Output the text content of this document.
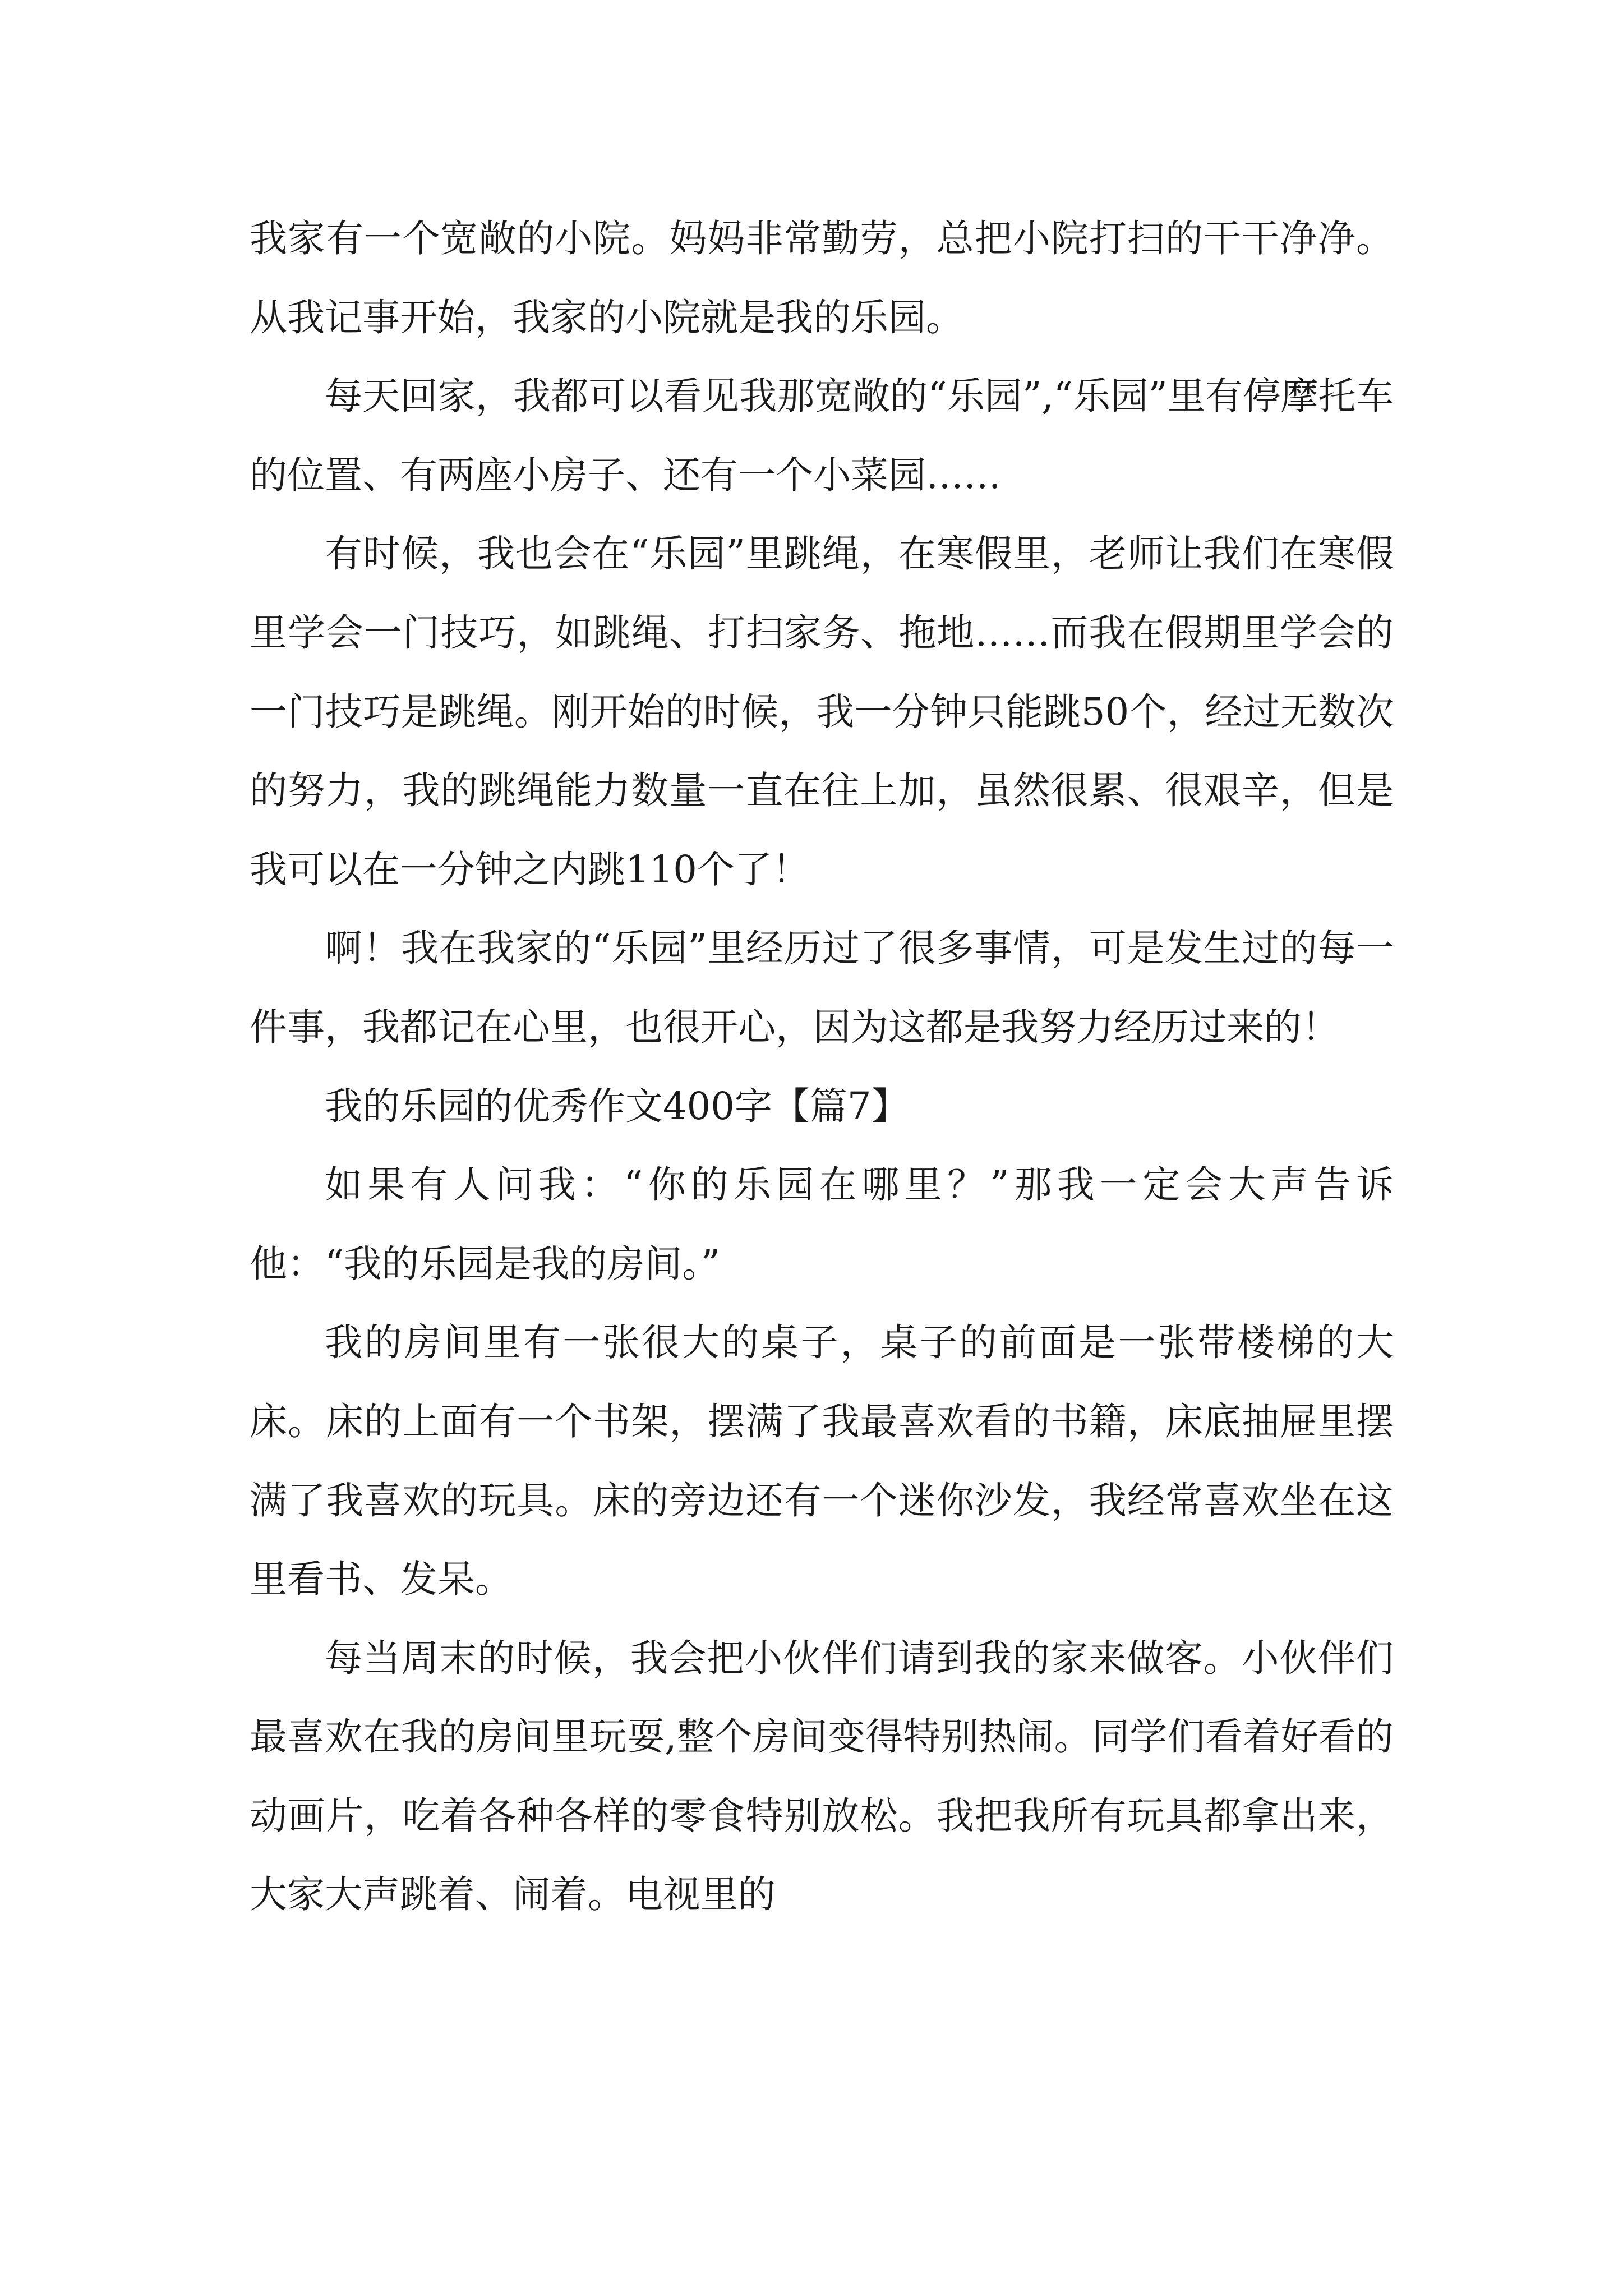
我家有一个宽敞的小院。妈妈非常勤劳，总把小院打扫的干干净净。从我记事开始，我家的小院就是我的乐园。

每天回家，我都可以看见我那宽敞的“乐园”,“乐园”里有停摩托车的位置、有两座小房子、还有一个小菜园……

有时候，我也会在“乐园”里跳绳，在寒假里，老师让我们在寒假里学会一门技巧，如跳绳、打扫家务、拖地……而我在假期里学会的一门技巧是跳绳。刚开始的时候，我一分钟只能跳50个，经过无数次的努力，我的跳绳能力数量一直在往上加，虽然很累、很艰辛，但是我可以在一分钟之内跳110个了！

啊！我在我家的“乐园”里经历过了很多事情，可是发生过的每一件事，我都记在心里，也很开心，因为这都是我努力经历过来的！

我的乐园的优秀作文400字【篇7】

如果有人问我：“你的乐园在哪里？”那我一定会大声告诉他：“我的乐园是我的房间。”

我的房间里有一张很大的桌子，桌子的前面是一张带楼梯的大床。床的上面有一个书架，摆满了我最喜欢看的书籍，床底抽屉里摆满了我喜欢的玩具。床的旁边还有一个迷你沙发，我经常喜欢坐在这里看书、发呆。

每当周末的时候，我会把小伙伴们请到我的家来做客。小伙伴们最喜欢在我的房间里玩耍,整个房间变得特别热闹。同学们看着好看的动画片，吃着各种各样的零食特别放松。我把我所有玩具都拿出来，大家大声跳着、闹着。电视里的
